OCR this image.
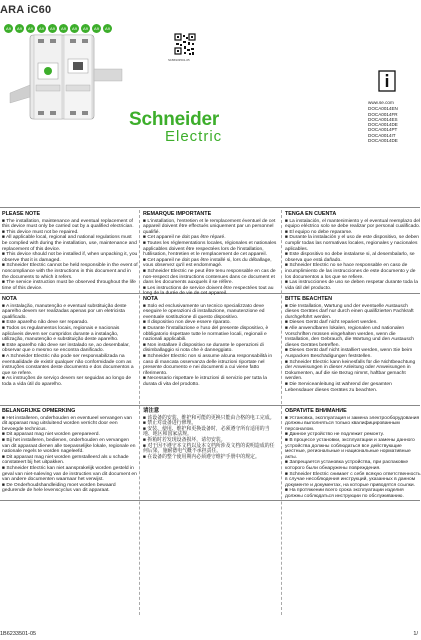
ARA iC60
A9	A9	A9	A9	A9	A9	A9	A9	A9	A9
S1B6933501-05
www.se.com
DOCA0014EN
DOCA0014FR
DOCA0014ES
DOCA0014DE
DOCA0014PT
DOCA0014IT
DOCA0014DE
Schneider
Electric
PLEASE NOTE

■ The installation, maintenance and eventual replacement of this device must only be carried out by a qualified electrician.

■ This device must not be repaired.

■ All applicable local, regional and national regulations must be complied with during the installation, use, maintenance and replacement of this device.

■ This device should not be installed if, when unpacking it, you observe that it is damaged.

■ Schneider Electric cannot be held responsible in the event of noncompliance with the instructions in this document and in the documents to which it refers.

■ The service instruction must be observed throughout the life time of this device.

REMARQUE IMPORTANTE

■ L'installation, l'entretien et le remplacement éventuel de cet appareil doivent être effectués uniquement par un personnel qualifié.

■ Cet appareil ne doit pas être réparé.

■ Toutes les réglementations locales, régionales et nationales applicables doivent être respectées lors de l'installation, l'utilisation, l'entretien et le remplacement de cet appareil.

■ Cet appareil ne doit pas être installé si, lors du déballage, vous observez qu'il est endommagé.

■ Schneider Electric ne peut être tenu responsable en cas de non-respect des instructions contenues dans ce document et dans les documents auxquels il se réfère.

■ Les instructions de service doivent être respectées tout au long de la durée de vie de cet appareil.

TENGA EN CUENTA

■ La instalación, el mantenimiento y el eventual reemplazo del equipo eléctrico solo se debe realizar por personal cualificado.

■ El equipo no debe repararse.

■ Durante la instalación y el uso de este dispositivo, se deben cumplir todas las normativas locales, regionales y nacionales aplicables.

■ Este dispositivo no debe instalarse si, al desembalarlo, se observa que está dañado.

■ Schneider Electric no se hace responsable en caso de incumplimiento de las instrucciones de este documento y de los documentos a los que se refiere.

■ Las instrucciones de uso se deben respetar durante toda la vida útil del producto.

NOTA

■ A instalação, manutenção e eventual substituição deste aparelho devem ser realizadas apenas por um eletricista qualificado.

■ Este aparelho não deve ser reparado.

■ Todos os regulamentos locais, regionais e nacionais aplicáveis devem ser cumpridos durante a instalação, utilização, manutenção e substituição deste aparelho.

■ Este aparelho não deve ser instalado se, ao desembalar, observar que o mesmo se encontra danificado.

■ A Schneider Electric não pode ser responsabilizada na eventualidade de existir qualquer não conformidade com as instruções constantes deste documento e dos documentos a que se refere.

■ As instruções de serviço devem ser seguidas ao longo de toda a vida útil do aparelho.

NOTA

■ Solo ed esclusivamente un tecnico specializzato deve eseguire le operazioni di installazione, manutenzione ed eventuale sostituzione di questo dispositivo.

■ Il dispositivo non deve essere riparato.

■ Durante l'installazione e l'uso del presente dispositivo, è obbligatorio rispettare tutte le normative locali, regionali e nazionali applicabili.

■ Non installare il dispositivo se durante le operazioni di disimballaggio si nota che è danneggiato.

■ Schneider Electric non si assume alcuna responsabilità in caso di mancata osservanza delle istruzioni riportate nel presente documento e nei documenti a cui viene fatto riferimento.

■ Necessario rispettare le istruzioni di servizio per tutta la durata di vita del prodotto.

BITTE BEACHTEN

■ Die Installation, Wartung und der eventuelle Austausch dieses Gerätes darf nur durch einen qualifizierten Fachkraft durchgeführt werden.

■ Dieses Gerät darf nicht repariert werden.

■ Alle anwendbaren lokalen, regionalen und nationalen Vorschriften müssen eingehalten werden, wenn die Installation, den Gebrauch, die Wartung und den Austausch dieses Gerätes betreffen.

■ Dieses Gerät darf nicht installiert werden, wenn Sie beim Auspacken Beschädigungen feststellen.

■ Schneider Electric kann keinesfalls für die Nichtbeachtung der Anweisungen in dieser Anleitung oder Anweisungen in Dokumenten, auf die sie Bezug nimmt, haftbar gemacht werden.

■ Die Serviceanleitung ist während der gesamten Lebensdauer dieses Gerätes zu beachten.

BELANGRIJKE OPMERKING

■ Het installeren, onderhouden en eventueel vervangen van dit apparaat mag uitsluitend worden verricht door een bevoegde technicus.

■ Dit apparaat mag niet worden gerepareerd.

■ Bij het installeren, bedienen, onderhouden en vervangen van dit apparaat dienen alle toepasselijke lokale, regionale en nationale regels te worden nageleefd.

■ Dit apparaat mag niet worden geïnstalleerd als u schade constateert bij het uitpakken.

■ Schneider Electric kan niet aansprakelijk worden gesteld in geval van niet-naleving van de instructies van dit document en van andere documenten waarnaar het verwijst.

■ De Onderhoudshandleiding moet worden bewaard gedurende de hele levenscyclus van dit apparaat.

请注意

■ 该设备的安装、维护和可能的更换只能由合格的电工完成。

■ 禁止对设备进行修理。

■ 安装、使用、维护和更换设备时，必须遵守所有适用的当地、地区和国家法规。

■ 拆箱时若发现设备损坏，请勿安装。

■ 对于因不遵守本文档以及本文档所涉及文档的说明造成的任何后果，施耐德电气概不承担责任。

■ 在设备的整个使用期内必须遵守维护手册中的规定。

ОБРАТИТЕ ВНИМАНИЕ

■ Установка, эксплуатация и замена электрооборудования должны выполняться только квалифицированным персоналом.

■ Данное устройство не подлежит ремонту.

■ В процессе установки, эксплуатации и замены данного устройства должны соблюдаться все действующие местные, региональные и национальные нормативные акты.

■ Запрещается установка устройства, при распаковке которого были обнаружены повреждения.

■ Schneider Electric снимает с себя всякую ответственность в случае несоблюдения инструкций, указанных в данном документе и документах, на которые приводятся ссылки.

■ На протяжении всего срока эксплуатации изделия должны соблюдаться инструкции по обслуживанию.

1B6233501-05	1/
